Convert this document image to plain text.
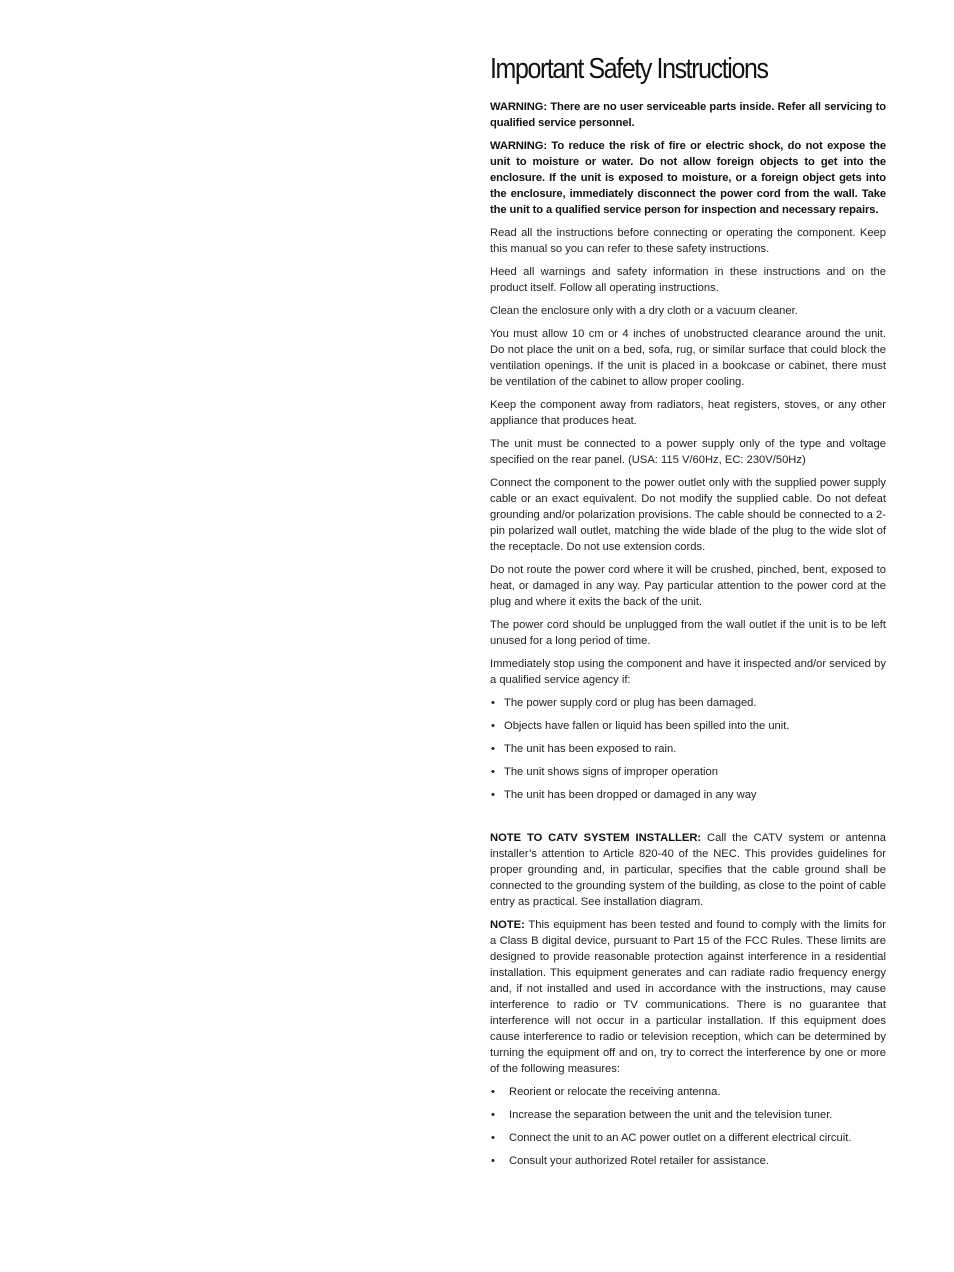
Important Safety Instructions

WARNING: There are no user serviceable parts inside. Refer all servicing to qualified service personnel.

WARNING: To reduce the risk of fire or electric shock, do not expose the unit to moisture or water. Do not allow foreign objects to get into the enclosure. If the unit is exposed to moisture, or a foreign object gets into the enclosure, immediately disconnect the power cord from the wall. Take the unit to a qualified service person for inspection and necessary repairs.

Read all the instructions before connecting or operating the component. Keep this manual so you can refer to these safety instructions.

Heed all warnings and safety information in these instructions and on the product itself. Follow all operating instructions.

Clean the enclosure only with a dry cloth or a vacuum cleaner.

You must allow 10 cm or 4 inches of unobstructed clearance around the unit. Do not place the unit on a bed, sofa, rug, or similar surface that could block the ventilation openings. If the unit is placed in a bookcase or cabinet, there must be ventilation of the cabinet to allow proper cooling.

Keep the component away from radiators, heat registers, stoves, or any other appliance that produces heat.

The unit must be connected to a power supply only of the type and voltage specified on the rear panel. (USA: 115 V/60Hz, EC: 230V/50Hz)

Connect the component to the power outlet only with the supplied power supply cable or an exact equivalent. Do not modify the supplied cable. Do not defeat grounding and/or polarization provisions. The cable should be connected to a 2-pin polarized wall outlet, matching the wide blade of the plug to the wide slot of the receptacle. Do not use extension cords.

Do not route the power cord where it will be crushed, pinched, bent, exposed to heat, or damaged in any way. Pay particular attention to the power cord at the plug and where it exits the back of the unit.

The power cord should be unplugged from the wall outlet if the unit is to be left unused for a long period of time.

Immediately stop using the component and have it inspected and/or serviced by a qualified service agency if:

• The power supply cord or plug has been damaged.
• Objects have fallen or liquid has been spilled into the unit.
• The unit has been exposed to rain.
• The unit shows signs of improper operation
• The unit has been dropped or damaged in any way

NOTE TO CATV SYSTEM INSTALLER: Call the CATV system or antenna installer’s attention to Article 820-40 of the NEC. This provides guidelines for proper grounding and, in particular, specifies that the cable ground shall be connected to the grounding system of the building, as close to the point of cable entry as practical. See installation diagram.

NOTE: This equipment has been tested and found to comply with the limits for a Class B digital device, pursuant to Part 15 of the FCC Rules. These limits are designed to provide reasonable protection against interference in a residential installation. This equipment generates and can radiate radio frequency energy and, if not installed and used in accordance with the instructions, may cause interference to radio or TV communications. There is no guarantee that interference will not occur in a particular installation. If this equipment does cause interference to radio or television reception, which can be determined by turning the equipment off and on, try to correct the interference by one or more of the following measures:

• Reorient or relocate the receiving antenna.
• Increase the separation between the unit and the television tuner.
• Connect the unit to an AC power outlet on a different electrical circuit.
• Consult your authorized Rotel retailer for assistance.
